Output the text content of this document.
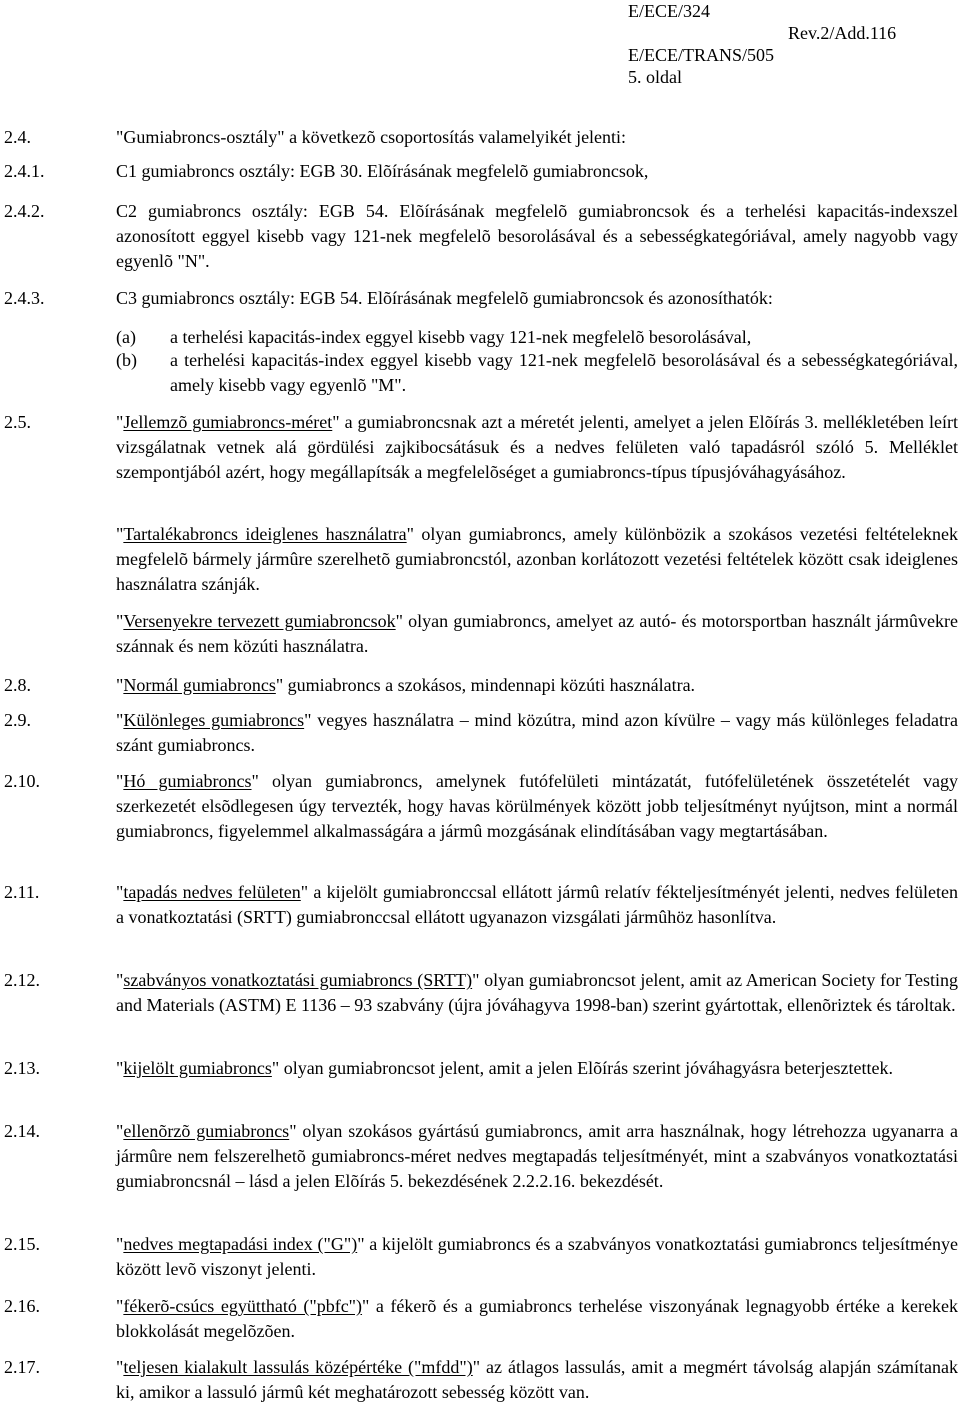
E/ECE/324
Rev.2/Add.116
E/ECE/TRANS/505
5. oldal
2.4.	"Gumiabroncs-osztály" a következõ csoportosítás valamelyikét jelenti:
2.4.1.	C1 gumiabroncs osztály: EGB 30. Elõírásának megfelelõ gumiabroncsok,
2.4.2.	C2 gumiabroncs osztály: EGB 54. Elõírásának megfelelõ gumiabroncsok és a terhelési kapacitás-indexszel azonosított eggyel kisebb vagy 121-nek megfelelõ besorolásával és a sebességkategóriával, amely nagyobb vagy egyenlõ "N".
2.4.3.	C3 gumiabroncs osztály: EGB 54. Elõírásának megfelelõ gumiabroncsok és azonosíthatók:
(a) a terhelési kapacitás-index eggyel kisebb vagy 121-nek megfelelõ besorolásával,
(b) a terhelési kapacitás-index eggyel kisebb vagy 121-nek megfelelõ besorolásával és a sebességkategóriával, amely kisebb vagy egyenlõ "M".
2.5.	"Jellemzõ gumiabroncs-méret" a gumiabroncsnak azt a méretét jelenti, amelyet a jelen Elõírás 3. mellékletében leírt vizsgálatnak vetnek alá gördülési zajkibocsátásuk és a nedves felületen való tapadásról szóló 5. Melléklet szempontjából azért, hogy megállapítsák a megfelelõséget a gumiabroncs-típus típusjóváhagyásához.
"Tartalékabroncs ideiglenes használatra" olyan gumiabroncs, amely különbözik a szokásos vezetési feltételeknek megfelelõ bármely jármûre szerelhetõ gumiabroncstól, azonban korlátozott vezetési feltételek között csak ideiglenes használatra szánják.
"Versenyekre tervezett gumiabroncsok" olyan gumiabroncs, amelyet az autó- és motorsportban használt jármûvekre szánnak és nem közúti használatra.
2.8.	"Normál gumiabroncs" gumiabroncs a szokásos, mindennapi közúti használatra.
2.9.	"Különleges gumiabroncs" vegyes használatra – mind közútra, mind azon kívülre – vagy más különleges feladatra szánt gumiabroncs.
2.10.	"Hó gumiabroncs" olyan gumiabroncs, amelynek futófelületi mintázatát, futófelületének összetételét vagy szerkezetét elsõdlegesen úgy tervezték, hogy havas körülmények között jobb teljesítményt nyújtson, mint a normál gumiabroncs, figyelemmel alkalmasságára a jármû mozgásának elindításában vagy megtartásában.
2.11.	"tapadás nedves felületen" a kijelölt gumiabronccsal ellátott jármû relatív fékteljesítményét jelenti, nedves felületen a vonatkoztatási (SRTT) gumiabronccsal ellátott ugyanazon vizsgálati jármûhöz hasonlítva.
2.12.	"szabványos vonatkoztatási gumiabroncs (SRTT)" olyan gumiabroncsot jelent, amit az American Society for Testing and Materials (ASTM) E 1136 – 93 szabvány (újra jóváhagyva 1998-ban) szerint gyártottak, ellenõriztek és tároltak.
2.13.	"kijelölt gumiabroncs" olyan gumiabroncsot jelent, amit a jelen Elõírás szerint jóváhagyásra beterjesztettek.
2.14.	"ellenõrzõ gumiabroncs" olyan szokásos gyártású gumiabroncs, amit arra használnak, hogy létrehozza ugyanarra a jármûre nem felszerelhetõ gumiabroncs-méret nedves megtapadás teljesítményét, mint a szabványos vonatkoztatási gumiabroncsnál – lásd a jelen Elõírás 5. bekezdésének 2.2.2.16. bekezdését.
2.15.	"nedves megtapadási index ("G")" a kijelölt gumiabroncs és a szabványos vonatkoztatási gumiabroncs teljesítménye között levõ viszonyt jelenti.
2.16.	"fékerõ-csúcs együttható ("pbfc")" a fékerõ és a gumiabroncs terhelése viszonyának legnagyobb értéke a kerekek blokkolását megelõzõen.
2.17.	"teljesen kialakult lassulás középértéke ("mfdd")" az átlagos lassulás, amit a megmért távolság alapján számítanak ki, amikor a lassuló jármû két meghatározott sebesség között van.
